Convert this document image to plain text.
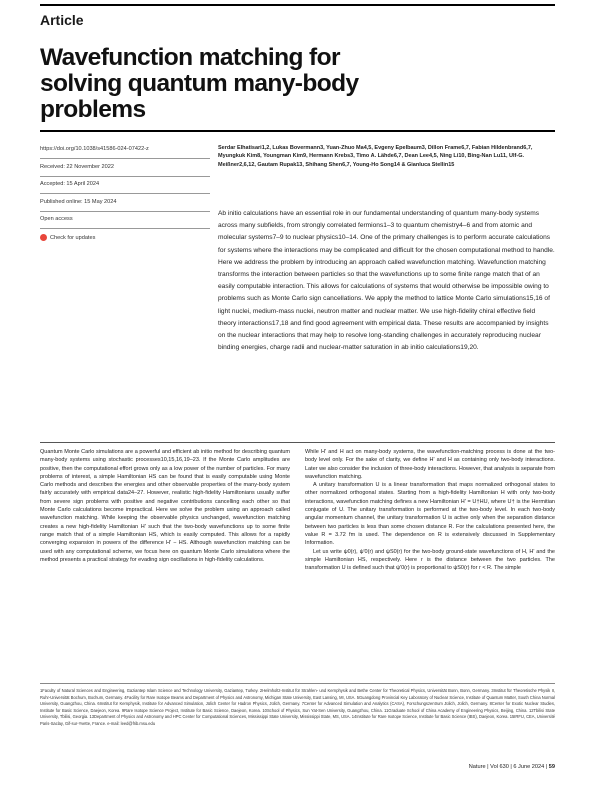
Article
Wavefunction matching for solving quantum many-body problems
https://doi.org/10.1038/s41586-024-07422-z
Received: 22 November 2022
Accepted: 15 April 2024
Published online: 15 May 2024
Open access
Check for updates
Serdar Elhatisari1,2, Lukas Bovermann3, Yuan-Zhuo Ma4,5, Evgeny Epelbaum3, Dillon Frame6,7, Fabian Hildenbrand6,7, Myungkuk Kim8, Youngman Kim9, Hermann Krebs3, Timo A. Lähde6,7, Dean Lee4,5, Ning Li10, Bing-Nan Lu11, Ulf-G. Meißner2,6,12, Gautam Rupak13, Shihang Shen6,7, Young-Ho Song14 & Gianluca Stellin15
Ab initio calculations have an essential role in our fundamental understanding of quantum many-body systems across many subfields, from strongly correlated fermions1–3 to quantum chemistry4–6 and from atomic and molecular systems7–9 to nuclear physics10–14. One of the primary challenges is to perform accurate calculations for systems where the interactions may be complicated and difficult for the chosen computational method to handle. Here we address the problem by introducing an approach called wavefunction matching. Wavefunction matching transforms the interaction between particles so that the wavefunctions up to some finite range match that of an easily computable interaction. This allows for calculations of systems that would otherwise be impossible owing to problems such as Monte Carlo sign cancellations. We apply the method to lattice Monte Carlo simulations15,16 of light nuclei, medium-mass nuclei, neutron matter and nuclear matter. We use high-fidelity chiral effective field theory interactions17,18 and find good agreement with empirical data. These results are accompanied by insights on the nuclear interactions that may help to resolve long-standing challenges in accurately reproducing nuclear binding energies, charge radii and nuclear-matter saturation in ab initio calculations19,20.

Quantum Monte Carlo simulations are a powerful and efficient ab initio method for describing quantum many-body systems using stochastic processes10,15,16,19–23. If the Monte Carlo amplitudes are positive, then the computational effort grows only as a low power of the number of particles. For many problems of interest, a simple Hamiltonian HS can be found that is easily computable using Monte Carlo methods and describes the energies and other observable properties of the many-body system fairly accurately with empirical data24–27. However, realistic high-fidelity Hamiltonians usually suffer from severe sign problems with positive and negative contributions cancelling each other so that Monte Carlo calculations become impractical. Here we solve the problem using an approach called wavefunction matching. While keeping the observable physics unchanged, wavefunction matching creates a new high-fidelity Hamiltonian H' such that the two-body wavefunctions up to some finite range match that of a simple Hamiltonian HS, which is easily computed. This allows for a rapidly converging expansion in powers of the difference H' − HS. Although wavefunction matching can be used with any computational scheme, we focus here on quantum Monte Carlo simulations where the method presents a practical strategy for evading sign oscillations in high-fidelity calculations.

While H' and H act on many-body systems, the wavefunction-matching process is done at the two-body level only. For the sake of clarity, we define H' and H as containing only two-body interactions. Later we also consider the inclusion of three-body interactions. However, that analysis is separate from wavefunction matching.

A unitary transformation U is a linear transformation that maps normalized orthogonal states to other normalized orthogonal states. Starting from a high-fidelity Hamiltonian H with only two-body interactions, wavefunction matching defines a new Hamiltonian H' = U†HU, where U† is the Hermitian conjugate of U. The unitary transformation is performed at the two-body level. In each two-body angular momentum channel, the unitary transformation U is active only when the separation distance between two particles is less than some chosen distance R. For the calculations presented here, the value R = 3.72 fm is used. The dependence on R is extensively discussed in Supplementary Information.

Let us write ψ0(r), ψ'0(r) and ψS0(r) for the two-body ground-state wavefunctions of H, H' and the simple Hamiltonian HS, respectively. Here r is the distance between the two particles. The transformation U is defined such that ψ'0(r) is proportional to ψS0(r) for r < R. The simple

1Faculty of Natural Sciences and Engineering, Gaziantep Islam Science and Technology University, Gaziantep, Turkey. 2Helmholtz-Institut für Strahlen- und Kernphysik and Bethe Center for Theoretical Physics, Universität Bonn, Bonn, Germany. 3Institut für Theoretische Physik II, Ruhr-Universität Bochum, Bochum, Germany. 4Facility for Rare Isotope Beams and Department of Physics and Astronomy, Michigan State University, East Lansing, MI, USA. 5Guangdong Provincial Key Laboratory of Nuclear Science, Institute of Quantum Matter, South China Normal University, Guangzhou, China. 6Institut für Kernphysik, Institute for Advanced Simulation, Jülich Center for Hadron Physics, Jülich, Germany. 7Center for Advanced Simulation and Analytics (CASA), Forschungszentrum Jülich, Jülich, Germany. 8Center for Exotic Nuclear Studies, Institute for Basic Science, Daejeon, Korea. 9Rare Isotope Science Project, Institute for Basic Science, Daejeon, Korea. 10School of Physics, Sun Yat-Sen University, Guangzhou, China. 11Graduate School of China Academy of Engineering Physics, Beijing, China. 12Tbilisi State University, Tbilisi, Georgia. 13Department of Physics and Astronomy and HPC Center for Computational Sciences, Mississippi State University, Mississippi State, MS, USA. 14Institute for Rare Isotope Science, Institute for Basic Science (IBS), Daejeon, Korea. 15IRFU, CEA, Université Paris-Saclay, Gif-sur-Yvette, France. e-mail: leed@frib.msu.edu
Nature | Vol 630 | 6 June 2024 | 59
